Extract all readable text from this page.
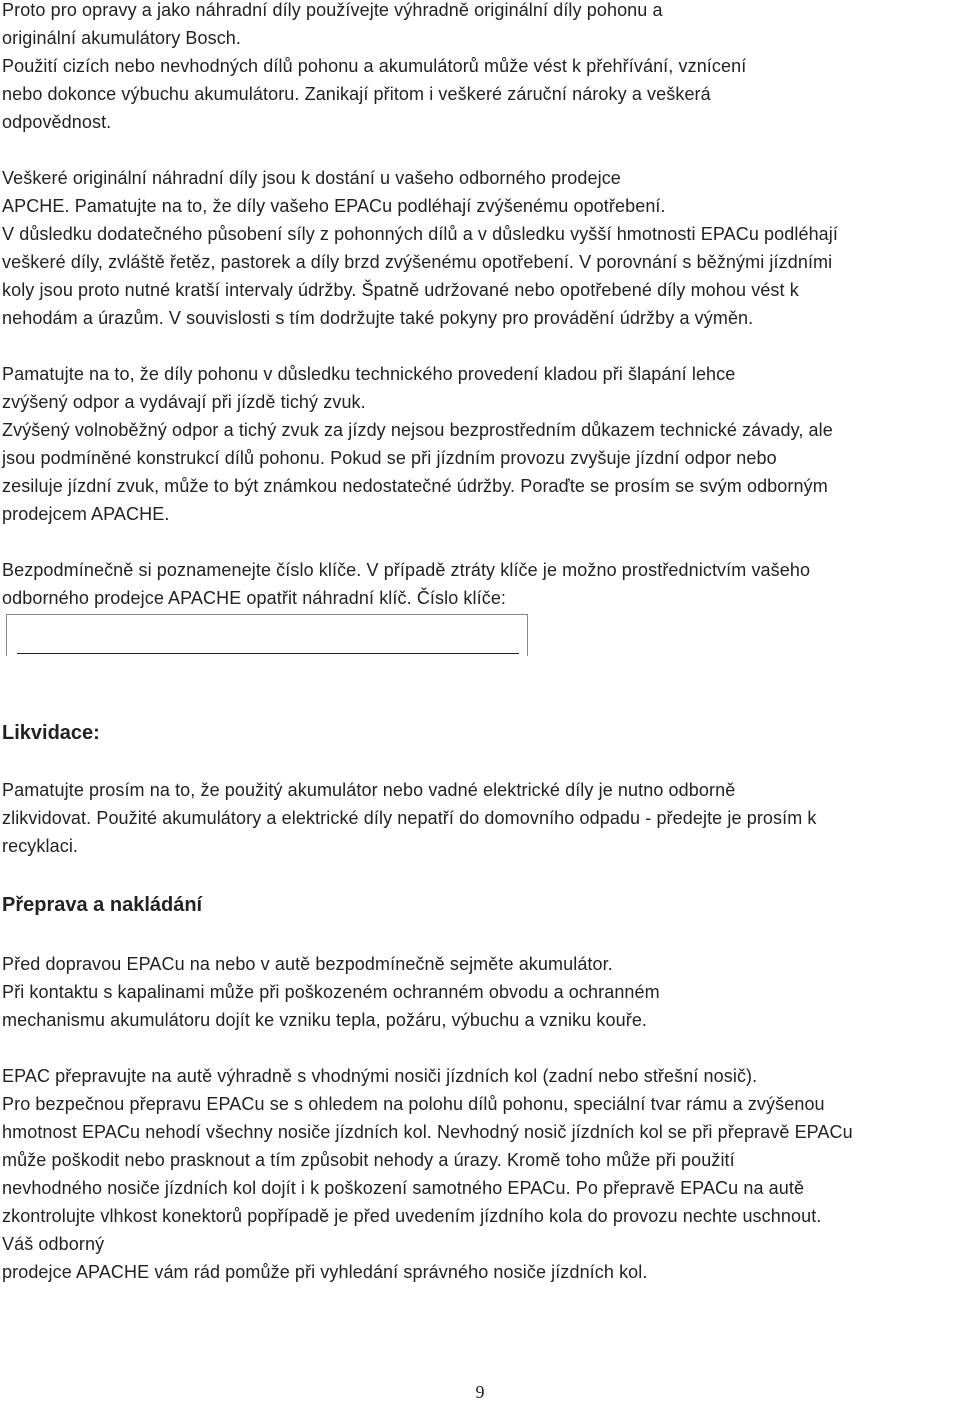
Proto pro opravy a jako náhradní díly používejte výhradně originální díly pohonu a
originální akumulátory Bosch.
Použití cizích nebo nevhodných dílů pohonu a akumulátorů může vést k přehřívání, vznícení
nebo dokonce výbuchu akumulátoru. Zanikají přitom i veškeré záruční nároky a veškerá
odpovědnost.
Veškeré originální náhradní díly jsou k dostání u vašeho odborného prodejce
APCHE. Pamatujte na to, že díly vašeho EPACu podléhají zvýšenému opotřebení.
V důsledku dodatečného působení síly z pohonných dílů a v důsledku vyšší hmotnosti EPACu podléhají
veškeré díly, zvláště řetěz, pastorek a díly brzd zvýšenému opotřebení. V porovnání s běžnými jízdními
koly jsou proto nutné kratší intervaly údržby. Špatně udržované nebo opotřebené díly mohou vést k
nehodám a úrazům. V souvislosti s tím dodržujte také pokyny pro provádění údržby a výměn.
Pamatujte na to, že díly pohonu v důsledku technického provedení kladou při šlapání lehce
zvýšený odpor a vydávají při jízdě tichý zvuk.
Zvýšený volnoběžný odpor a tichý zvuk za jízdy nejsou bezprostředním důkazem technické závady, ale
jsou podmíněné konstrukcí dílů pohonu. Pokud se při jízdním provozu zvyšuje jízdní odpor nebo
zesiluje jízdní zvuk, může to být známkou nedostatečné údržby. Poraďte se prosím se svým odborným
prodejcem APACHE.
Bezpodmínečně si poznamenejte číslo klíče. V případě ztráty klíče je možno prostřednictvím vašeho
odborného prodejce APACHE opatřit náhradní klíč. Číslo klíče:
Likvidace:
Pamatujte prosím na to, že použitý akumulátor nebo vadné elektrické díly je nutno odborně
zlikvidovat. Použité akumulátory a elektrické díly nepatří do domovního odpadu - předejte je prosím k
recyklaci.
Přeprava a nakládání
Před dopravou EPACu na nebo v autě bezpodmínečně sejměte akumulátor.
Při kontaktu s kapalinami může při poškozeném ochranném obvodu a ochranném
mechanismu akumulátoru dojít ke vzniku tepla, požáru, výbuchu a vzniku kouře.
EPAC přepravujte na autě výhradně s vhodnými nosiči jízdních kol (zadní nebo střešní nosič).
Pro bezpečnou přepravu EPACu se s ohledem na polohu dílů pohonu, speciální tvar rámu a zvýšenou
hmotnost EPACu nehodí všechny nosiče jízdních kol. Nevhodný nosič jízdních kol se při přepravě EPACu
může poškodit nebo prasknout a tím způsobit nehody a úrazy. Kromě toho může při použití
nevhodného nosiče jízdních kol dojít i k poškození samotného EPACu. Po přepravě EPACu na autě
zkontrolujte vlhkost konektorů popřípadě je před uvedením jízdního kola do provozu nechte uschnout.
Váš odborný
prodejce APACHE vám rád pomůže při vyhledání správného nosiče jízdních kol.
9
